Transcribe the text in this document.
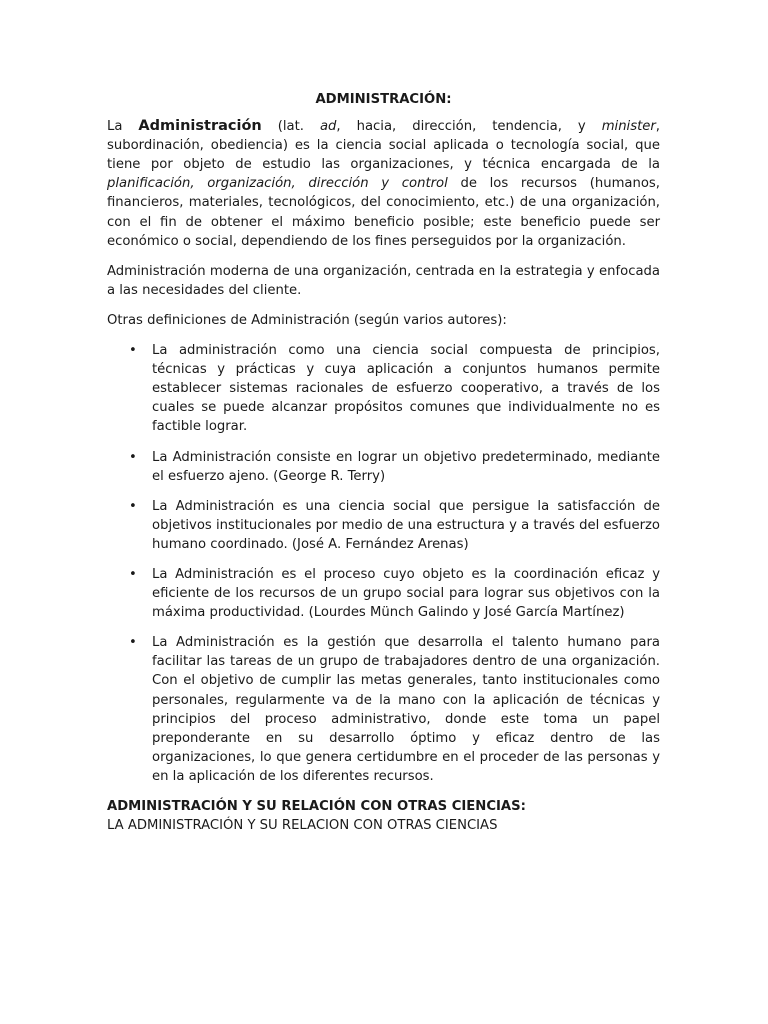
ADMINISTRACIÓN:

La Administración (lat. ad, hacia, dirección, tendencia, y minister, subordinación, obediencia) es la ciencia social aplicada o tecnología social, que tiene por objeto de estudio las organizaciones, y técnica encargada de la planificación, organización, dirección y control de los recursos (humanos, financieros, materiales, tecnológicos, del conocimiento, etc.) de una organización, con el fin de obtener el máximo beneficio posible; este beneficio puede ser económico o social, dependiendo de los fines perseguidos por la organización.

Administración moderna de una organización, centrada en la estrategia y enfocada a las necesidades del cliente.

Otras definiciones de Administración (según varios autores):

• La administración como una ciencia social compuesta de principios, técnicas y prácticas y cuya aplicación a conjuntos humanos permite establecer sistemas racionales de esfuerzo cooperativo, a través de los cuales se puede alcanzar propósitos comunes que individualmente no es factible lograr.
• La Administración consiste en lograr un objetivo predeterminado, mediante el esfuerzo ajeno. (George R. Terry)
• La Administración es una ciencia social que persigue la satisfacción de objetivos institucionales por medio de una estructura y a través del esfuerzo humano coordinado. (José A. Fernández Arenas)
• La Administración es el proceso cuyo objeto es la coordinación eficaz y eficiente de los recursos de un grupo social para lograr sus objetivos con la máxima productividad. (Lourdes Münch Galindo y José García Martínez)
• La Administración es la gestión que desarrolla el talento humano para facilitar las tareas de un grupo de trabajadores dentro de una organización. Con el objetivo de cumplir las metas generales, tanto institucionales como personales, regularmente va de la mano con la aplicación de técnicas y principios del proceso administrativo, donde este toma un papel preponderante en su desarrollo óptimo y eficaz dentro de las organizaciones, lo que genera certidumbre en el proceder de las personas y en la aplicación de los diferentes recursos.
ADMINISTRACIÓN Y SU RELACIÓN CON OTRAS CIENCIAS:
LA ADMINISTRACIÓN Y SU RELACION CON OTRAS CIENCIAS
